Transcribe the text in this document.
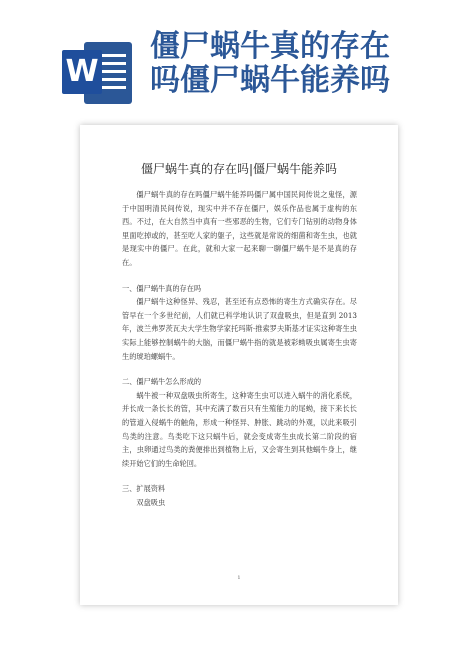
W
僵尸蜗牛真的存在
吗僵尸蜗牛能养吗
僵尸蜗牛真的存在吗|僵尸蜗牛能养吗

僵尸蜗牛真的存在吗僵尸蜗牛能养吗僵尸属中国民间传说之鬼怪，源于中国明清民间传说，现实中并不存在僵尸，娱乐作品也属于虚构的东西。不过，在大自然当中真有一些邪恶的生物，它们专门钻别的动物身体里面吃掉或的，甚至吃人家的躯子，这些就是常说的细菌和寄生虫，也就是现实中的僵尸。在此，就和大家一起来聊一聊僵尸蜗牛是不是真的存在。

一、僵尸蜗牛真的存在吗

僵尸蜗牛这种怪异、残忍，甚至还有点恐怖的寄生方式确实存在。尽管早在一个多世纪前，人们就已科学地认识了双盘吸虫，但是直到 2013年，波兰弗罗茨瓦夫大学生物学家托玛斯·推索罗夫斯基才证实这种寄生虫实际上能够控制蜗牛的大脑，而僵尸蜗牛指的就是被彩蚴吸虫属寄生虫寄生的琥珀螺蜗牛。

二、僵尸蜗牛怎么形成的

蜗牛被一种双盘吸虫所寄生，这种寄生虫可以进入蜗牛的消化系统，并长成一条长长的管，其中充满了数百只有生殖能力的尾蚴，接下来长长的管道入侵蜗牛的触角，形成一种怪异、肿胀、跳动的外观，以此来吸引鸟类的注意。鸟类吃下这只蜗牛后，就会变成寄生虫成长第二阶段的宿主，虫卵通过鸟类的粪便排出到植物上后，又会寄生到其他蜗牛身上，继续开始它们的生命轮回。

三、扩展资料

双盘吸虫

1
